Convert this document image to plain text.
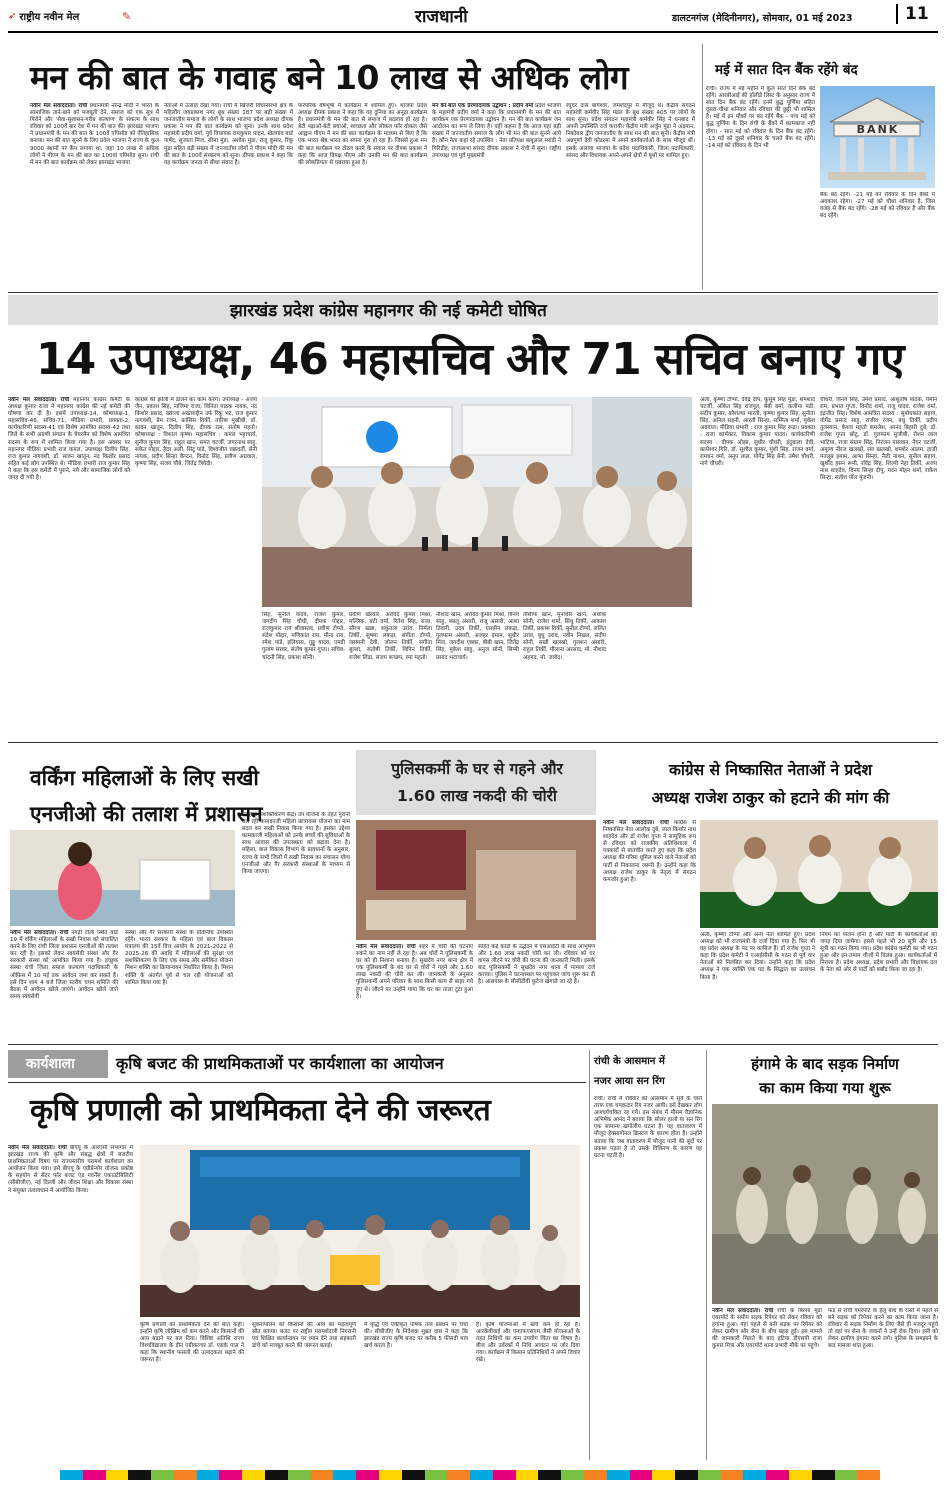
➶ राष्ट्रीय नवीन मेल	✎	राजधानी	डालटनगंज (मेदिनीनगर), सोमवार, 01 मई 2023	11
मन की बात के गवाह बने 10 लाख से अधिक लोग
नवीन मेल संवाददाता। रांची प्रधानमंत्री नरेन्द्र मोदी ने भारत के सामाजिक ताने-बाने को मजबूती देने, समाज को एक सूत्र में पिरोने और 'सेवा-सुशासन-गरीब कल्याण' के संकल्प के साथ रविवार को 100वें बार देश में मन की बात की। झारखंड भाजपा ने प्रधानमंत्री के मन की बात के 100वें एपिसोड को ऐतिहासिक बनाया। मन की बात सुनने के लिए प्रदेश भाजपा ने राज्य के कुल 9000 स्थानों पर कैंप लगाया था, जहां 10 लाख से अधिक लोगों ने पीएम के मन की बात का 100वां एपिसोड सुना। रांची में मन की बात कार्यक्रम को लेकर झारखंड भाजपा
नेताओं में उत्साह देखा गया। रांची में खिजरी विधानसभा क्षेत्र के महिलौंग जयप्रकाश नगर बूथ संख्या 187 पर बड़ी संख्या में जनजातीय समाज के लोगों के साथ भाजपा प्रदेश अध्यक्ष दीपक प्रकाश ने मन की बात कार्यक्रम को सुना। उनके साथ प्रदेश महामंत्री प्रदीप वर्मा, पूर्व विधायक रामकुमार पाहन, खेलगांव वार्ड पार्षद, सुजाता मिंज, सीमा मुंडा, अशोक मुंडा, राजू कुमार, रिंकू मुंडा सहित बड़ी संख्या में जनजातीय लोगों ने पीएम मोदी की मन की बात के 100वें संस्करण को सुना। दीपक प्रकाश ने कहा कि यह कार्यक्रम जनता से सीधा संवाद है।
पारंपरिक वेषभूषा में कार्यक्रम में शामिल हुए। भाजपा प्रदेश अध्यक्ष दीपक प्रकाश ने कहा कि यह दुनिया का अनूठा कार्यक्रम है। प्रधानमंत्री के मन की बात से समाज में बदलाव हो रहा है। बेटी पढ़ाओ-बेटी बचाओ, स्वच्छता और लोकल फॉर वोकल जैसे आह्वान पीएम ने मन की बात कार्यक्रम के माध्यम से किए हैं कि एक भारत श्रेष्ठ भारत का सपना पूरा हो रहा है। जिससे हुआ मन की बात कार्यक्रम पर टोटल करने के सवाल पर दीपक प्रकाश ने कहा कि आज विपक्ष पीएम और उनकी मन की बात कार्यक्रम की लोकप्रियता से घबराया हुआ है।
मन की बात एक प्रेरणादायक उद्बोधन : प्रदीप वर्मा प्रदेश भाजपा के महामंत्री प्रदीप वर्मा ने कहा कि प्रधानमंत्री के मन की बात कार्यक्रम एक प्रेरणादायक उद्बोधन है। मन की बात कार्यक्रम जन आंदोलन का रूप ले लिया है। वहीं कहना है कि आज यहां बड़ी संख्या में जनजातीय समाज के लोग भी मन की बात सुनने आये हैं। कौन नेता कहां रहे उपस्थित : नेता प्रतिपक्ष बाबूलाल मरांडी ने गिरिडीह, राज्यसभा सांसद दीपक प्रकाश ने रांची में सुना। राष्ट्रीय उपाध्यक्ष एवं पूर्व मुख्यमंत्री
रघुवर दास बागेश्वर, जमशेदपुर में मौजूद थे। केंद्रीय संगठन महामंत्री कर्मवीर सिंह मंडल के बूथ संख्या 405 पर लोगों के साथ सुना। प्रदेश संगठन महामंत्री कर्मवीर सिंह ने धनबाद में अपनी उपस्थिति दर्ज करायी। केंद्रीय मंत्री अर्जुन मुंडा ने अंडमान, निकोबार द्वीप जनजातीय के साथ मन की बात सुनी। केंद्रीय मंत्री अन्नपूर्णा देवी कोडरमा में अपने कार्यकर्ताओं के साथ मौजूद थीं। इसके अलावा भाजपा के प्रदेश पदाधिकारी, जिला पदाधिकारी, सांसद और विधायक अपने-अपने क्षेत्रों में बूथों पर शामिल हुए।
मई में सात दिन बैंक रहेंगे बंद
रांची। राज्य में मई महीने में कुल सात दिन बैंक बंद रहेंगे। आरबीआई की हॉलीडे लिस्ट के अनुसार राज्य में सात दिन बैंक बंद रहेंगे। इनमें बुद्ध पूर्णिमा सहित दूसरा-चौथा शनिवार और रविवार की छुट्टी भी शामिल है। मई में इन मौकों पर बंद रहेंगे बैंक - पांच मई को बुद्ध पूर्णिमा के दिन रांची के बैंकों में कामकाज नहीं होगा। - सात मई को रविवार के दिन बैंक बंद रहेंगे। -13 मई को दूसरे शनिवार के चलते बैंक बंद रहेंगे। -14 मई को रविवार के दिन भी
BANK
बैंक बंद रहेंगे। -21 मई को रविवार के दिन बैंकों में अवकाश रहेगा। -27 मई को चौथा शनिवार है, जिस वजह से बैंक बंद रहेंगे। -28 मई को रविवार है और बैंक बंद रहेंगे।
झारखंड प्रदेश कांग्रेस महानगर की नई कमेटी घोषित
14 उपाध्यक्ष, 46 महासचिव और 71 सचिव बनाए गए
नवीन मेल संवाददाता। रांची महानगर कांग्रेस कमेटी के अध्यक्ष कुमार राजा ने महानगर कांग्रेस की नई कमेटी की घोषणा कर दी है। इसमें उपाध्यक्ष-14, कोषाध्यक्ष-1, महासचिव-46, सचिव-71, मीडिया प्रभारी, प्रवक्ता-2, कार्यकारिणी सदस्य-41 एवं विशेष आमंत्रित सदस्य-42 तथा जिले के सभी अग्रणी संगठन के चेयरमैन को विशेष आमंत्रित सदस्य के रूप में शामिल किया गया है। इस अवसर पर महानगर मीडिया प्रभारी राज कमल, उपाध्यक्ष दिलीप सिंह, राज कुमार नागवंशी, डॉ. सावन खातून, नंद किशोर प्रसाद सहित कई लोग उपस्थित थे। मीडिया प्रभारी राज कुमार सिंह ने कहा कि इस कमेटी में पुराने, नये और सामाजिक लोगों को जगह दी गयी है।
कांग्रेस की झोली में डालने का काम करेंगे। उपाध्यक्ष - अजय जैन, प्रकाश सिंह, नाजिमा राजा, विनिता पाठक नायक, नंद किशोर प्रसाद, ख्वाजा अख्तरुद्दीन उर्फ रिंकू भट, राज कुमार नागवंशी, प्रेम रंजन, फ्रांसिस तिर्की, तारिक मुखीबी, डॉ. सावन खातून, दिलीप सिंह, दीपक राम, संतोष महतो। कोषाध्यक्ष : विशाल कृष्ण। महासचिव : कमल भट्टाचार्य, सुनील कुमार सिंह, राहुल खान, समत चटर्जी, जगरनाथ साहु, सकेत पोद्दार, हैदर अली, सिंटू पांडे, विश्वजीत चक्रवर्ती, सेनी नायक, प्रदीप सिन्हा कैप्टन, विनोद सिंह, प्रवीण अग्रवाल, कृष्णा सिंह, संजय चौबे, जितेंद्र त्रिवेदी।
सिंह, सुनील यादव, राजेश कुमार, जगदीप सिंह चौधी, दीपक पोद्दार, राजकुमार राय श्रीवास्तव, प्रवीण टोप्पो, संदेश पोद्दार, मणिकांत राय, मीना राय, रमेश पांडे, इलियास, गुड्डू यादव, एमडी गुलाम सरवर, संतोष कुमार गुप्ता। सचिव- चांदनी सिंह, प्रकाश सोनी।
प्रवीण खेरवार, अरविंद कुमार मिश्रा, मल्लिक, बंटी वर्मा, रितेश सिंह, राजा, सौरभ खन्ना, शकुंतला उरांव, निर्मला तिर्की, सुषमा लकड़ा, संगीता टोप्पो, जसमनी देवी, जोलन तिर्की, संगीता बुल्ला, संतोषी तिर्की, विपिन तिर्की, राजेश लिंडा, संजय कच्छप, रमा महतो।
नौशाद खान, अरविंद कुमार मिश्रा, विनय साहु, बबलू अंसारी, राजू अंसारी, आशा तिवारी, उदय तिर्की, एलबीन लकड़ा, गुलफाम अंसारी, अजहर इमाम, सुधीर मिंज, जगदीश एक्का, बीबी खान, जितेंद्र सिंह, मुकेश साहु, अनुज सोनी, सिम्मी प्रसाद भटाचार्य।
तौसीफ खान, मुनव्वीर खान, अशोक सोनी, राजेश शर्मा, सिंधु तिर्की, आकाश तिर्की, प्रकाश तिर्की, सुनील टोप्पो, ललित उरांव, बुधु उरांव, नवीन निखल, संदीप सोनी, सखी खलखो, गुलशन अंसारी, राहुल तिर्की, मौलाना अरसाद, मो. नौशाद अहमद, मो. जावेद।
अली, कृष्णा टोप्पो, देवेंद्र दीप, कुसुम सिंह मुंडा, शमशाद चटर्जी, अंकित सिंह राजपूत, बेबी बर्मा, कलीमा मंडी, संदीप कुमार, कौशल्या भारती, कृष्णा कुमार सिंह, सुनीता सिंह, अनिल सहनी, आरती सिन्हा, सम्मिता शर्मा, मुकेश अग्रवाल। मीडिया प्रभारी : राज कुमार सिंह रूढ़ा। प्रवक्ता : राजा कार्मकार, विकास कुमार यादव। कार्यकारिणी सदस्य : दीपक ओझा, सुधीर चौधरी, इंदुबाला देवी, कामेश्वर गिरि, डॉ. सुशील कुमार, मुंशी सिंह, राजन वर्मा, रामधन वर्मा, अनूप लाल, योगेंद्र सिंह बेनी, उमेश चौधरी, नागे चौधरी।
चौधरी, विनय सिंह, उमेश प्रसाद, आशुतोष पाठक, यमीन राम, प्रभात गुप्ता, विनोद शर्मा, राजू यादव, राजेश वर्मा, इंद्रजीत सिंह। विशेष आमंत्रित सदस्य : सुबोधकांत सहाय, योगेंद्र प्रसाद साहु, राजीव रंजन, बंधु तिर्की, प्रदीप तुलस्यान, केशव महतो कमलेश, आनंद बिहारी दुबे, डॉ. राजेश गुप्ता छोटू, डॉ. गुलफाम मुजीबी, रोशन लाल भाटिया, राजा संग्राम सिंह, निरंजन पासवान, नैयर चटर्जी, अमूल्य नीरज खलखो, रमा खलखो, शमशेर आलम, हाजी मतलूब इमाम, आभा सिन्हा, नैली नाथन, सुनील सहाय, खुर्शीद हसन रूमी, रविंद्र सिंह, शिल्पी नेहा तिर्की, अजय नाथ शाहदेव, विनय सिन्हा दीपू, मदन मोहन शर्मा, राकेश सिन्हा, सतीश पॉल मुंजनी।
वर्किंग महिलाओं के लिए सखी
एनजीओ की तलाश में प्रशासन
नवीन मेल संवाददाता। रांची नगड़ी टोली स्थित वार्ड 19 में वर्किंग महिलाओं के सखी निवास को संचालित करने के लिए रांची जिला प्रशासन एनजीओ की तलाश कर रही है। इसको लेकर स्वयंसेवी संस्था और गैर सरकारी संस्था को आमंत्रित किया गया है। इच्छुक संस्था रांची जिला समाज कल्याण पदाधिकारी के ऑफिस में 10 मई तक आवेदन जमा कर सकते हैं। इसे दिन शाम 4 बजे जिला स्तरीय चयन समिति की बैठक में आवेदन खोले जाएंगे। आवेदन खोले जाते समय स्वयंसेवी
संस्था और गैर सरकारी संस्था के प्रतिनिधि उपस्थित रहेंगे। भारत सरकार के महिला एवं बाल विकास मंत्रालय की 15वें वित्त आयोग के 2021-2022 से 2025-26 की अवधि में महिलाओं की सुरक्षा एवं सशक्तिकरण के लिए एक समग्र और समेकित योजना मिशन शक्ति का क्रियान्वयन निर्धारित किया है। मिशन शक्ति के अंतर्गत पूर्व से चल रही योजनाओं को शामिल किया गया है।
(महिला सशक्तिकरण केंद्र) उप योजना के तहत पुरानी चल रही कामकाजी महिला छात्रावास योजना का नाम बदल कर सखी निवास किया गया है। इसका उद्देश्य कामकाजी महिलाओं को उनके बच्चों की सुविधाओं के साथ आवास की उपलब्धता को बढ़ावा देना है। महिला, बाल विकास विभाग के प्रावधानों के अनुसार, राज्य के सभी जिलों में सखी निवास का संचालन योग्य एनजीओ और गैर सरकारी संस्थाओं के माध्यम से किया जाएगा।
पुलिसकर्मी के घर से गहने और
1.60 लाख नकदी की चोरी
नवीन मेल संवाददाता। रांची शहर में चोरी की घटनाएं रुकने का नाम नहीं ले रहा है। अब चोरों ने पुलिसकर्मी के घर को ही निशाना बनाया है। सुखदेव नगर थाना क्षेत्र में एक पुलिसकर्मी के बंद घर से चोरों ने गहने और 1.60 लाख नकदी की चोरी कर ली। जानकारी के अनुसार पुलिसकर्मी अपने परिवार के साथ किसी काम से बाहर गये हुए थे। लौटने पर उन्होंने पाया कि घर का ताला टूटा हुआ है।
सहित कई कांडों के उद्भेदन में एसआईटी के साथ आभूषण और 1.60 लाख नकदी चोरी कर ली। रविवार को घर वापस लौटने पर चोरी की घटना की जानकारी मिली। इसके बाद पुलिसकर्मी ने सुखदेव नगर थाना में मामला दर्ज कराया। पुलिस ने घटनास्थल पर पहुंचकर जांच शुरू कर दी है। आसपास के सीसीटीवी फुटेज खंगाले जा रहे हैं।
कांग्रेस से निष्कासित नेताओं ने प्रदेश
अध्यक्ष राजेश ठाकुर को हटाने की मांग की
नवीन मेल संवाददाता। रांची कांग्रेस से निष्कासित नेता आलोक दुबे, लाल किशोर नाथ शाहदेव और डॉ राजेश गुप्ता ने सामूहिक रूप से रविवार को राजकीय अतिथिशाला में पत्रकारों से बातचीत करते हुए कहा कि प्रदेश अध्यक्ष की गरिमा धूमिल करने वाले नेताओं को पार्टी से निकालना जरूरी है। उन्होंने कहा कि अध्यक्ष राजेश ठाकुर के नेतृत्व में संगठन कमजोर हुआ है।
अली, कृष्णा टोप्पो और अन्य नेता शामिल हुए। प्रदेश अध्यक्ष को भी राज्यमंत्री के दर्जा दिया गया है। फिर भी वह प्रदेश अध्यक्ष के पद पर काबिज हैं। डॉ राजेश गुप्ता ने कहा कि प्रदेश कमेटी ने एआईसीसी के गठन से पूर्व चार नेताओं को निलंबित कर दिया। उन्होंने कहा कि प्रदेश अध्यक्ष ने एक व्यक्ति एक पद के सिद्धांत का उल्लंघन किया है।
नियम का पालन होना है और पार्टी के कार्यकर्ताओं को जगह दिया जायेगा। इससे पहले भी 20 सूत्री और 15 सूत्री का गठन किया गया। प्रदेश कांग्रेस कमेटी का भी गठन हुआ और इन तमाम चीजों में विलंब हुआ। कार्यकर्ताओं में निराशा है। प्रदेश अध्यक्ष, प्रदेश प्रभारी और विधायक दल के नेता को ओर से पार्टी को बर्बाद किया जा रहा है।
कार्यशाला	कृषि बजट की प्राथमिकताओं पर कार्यशाला का आयोजन
कृषि प्रणाली को प्राथमिकता देने की जरूरत
नवीन मेल संवाददाता। रांची बीएयू के आरएसी सभागार में झारखंड राज्य की कृषि और संबद्ध क्षेत्रों में बजटीय प्राथमिकताओं विषय पर राज्यस्तरीय परामर्श कार्यशाला का आयोजन किया गया। इसे बीएयू के एग्रीप्रेन्योर योजना प्रकोष्ठ के सहयोग से सेंटर फॉर बजट एंड गवर्नेंस एकाउंटेबिलिटी (सीबीजीए), नई दिल्ली और जीवन शिक्षा और विकास संस्था ने संयुक्त तत्वावधान में आयोजित किया।
कृषि प्रणाली को प्राथमिकता देने की बात कही। इन्होंने कृषि जोखिम को कम करने और किसानों की आय बढ़ाने पर बल दिया। विशिष्ट अतिथि राज्य विश्वविद्यालय के डीन एग्रीकल्चर डॉ. एसके पाल ने कहा कि स्थानीय फसलों की उत्पादकता बढ़ाने की जरूरत है।
सुकरापालन को किसानों की आय का महत्वपूर्ण स्रोत बताया। बजट पर राष्ट्रीय परामर्शदात्री निगरानी एवं शिक्षित कार्यान्वयन पर ध्यान देने तथा सहकारी ढांचे को मजबूत करने की जरूरत बताई।
में वृद्धि एवं एकीकृत पोषक तत्व प्रबंधन पर चर्चा की। सीबीजीए के निदेशक सुब्रत दास ने कहा कि झारखंड राज्य कृषि बजट पर करीब 5 फीसदी मात्र खर्च करता है।
है। कृषि योजनाओं में खर्च कम हो रहा है। आरकेवीवाई और एनएफएसएम जैसी योजनाओं के तहत निधियों का कम उपयोग चिंता का विषय है। बीज और उर्वरकों में निधि आवंटन पर जोर दिया गया। कार्यक्रम में किसान प्रतिनिधियों ने अपने विचार रखे।
रांची के आसमान में
नजर आया सन रिंग
रांची। रांची में रविवार को आसमान में सूर्य के चारों तरफ एक चमकदार रिंग नजर आयी। इसे देखकर लोग आश्चर्यचकित रह गये। इस संबंध में मौसम वैज्ञानिक अभिषेक आनंद ने बताया कि सोलर हालो या सन रिंग एक सामान्य खगोलीय घटना है। यह वातावरण में मौजूद हेक्सागोनल क्रिस्टल के कारण होता है। उन्होंने बताया कि जब वातावरण में मौजूद पानी की बूंदों पर प्रकाश पड़ता है तो उसके विकिरण के कारण यह घटना घटती है।
हंगामे के बाद सड़क निर्माण
का काम किया गया शुरू
नवीन मेल संवाददाता। रांची रांची के बिरसा मुंडा एयरपोर्ट के समीप सड़क रिपेयर को लेकर रविवार को हंगामा हुआ। यहां पहले से बनी सड़क पर रिपेयर को लेकर ग्रामीण और सेना के बीच बहस हुई। इस मामले की जानकारी मिलते के बाद हटिया डीएसपी राजा कुमार मित्रा और एयरपोर्ट थाना प्रभारी मौके पर पहुंचे।
फंड से रांची एयरपोर्ट के हेलू बांध के रास्ते में पहले से बने सड़क को रिपेयर करने का काम किया जाना है। रविवार से सड़क निर्माण के लिए जैसे ही मजदूर पहुंचे तो वहां पर सेना के जवानों ने उन्हें रोक दिया। इसी को लेकर ग्रामीण हंगामा करने लगे। पुलिस के समझाने के बाद मामला शांत हुआ।
